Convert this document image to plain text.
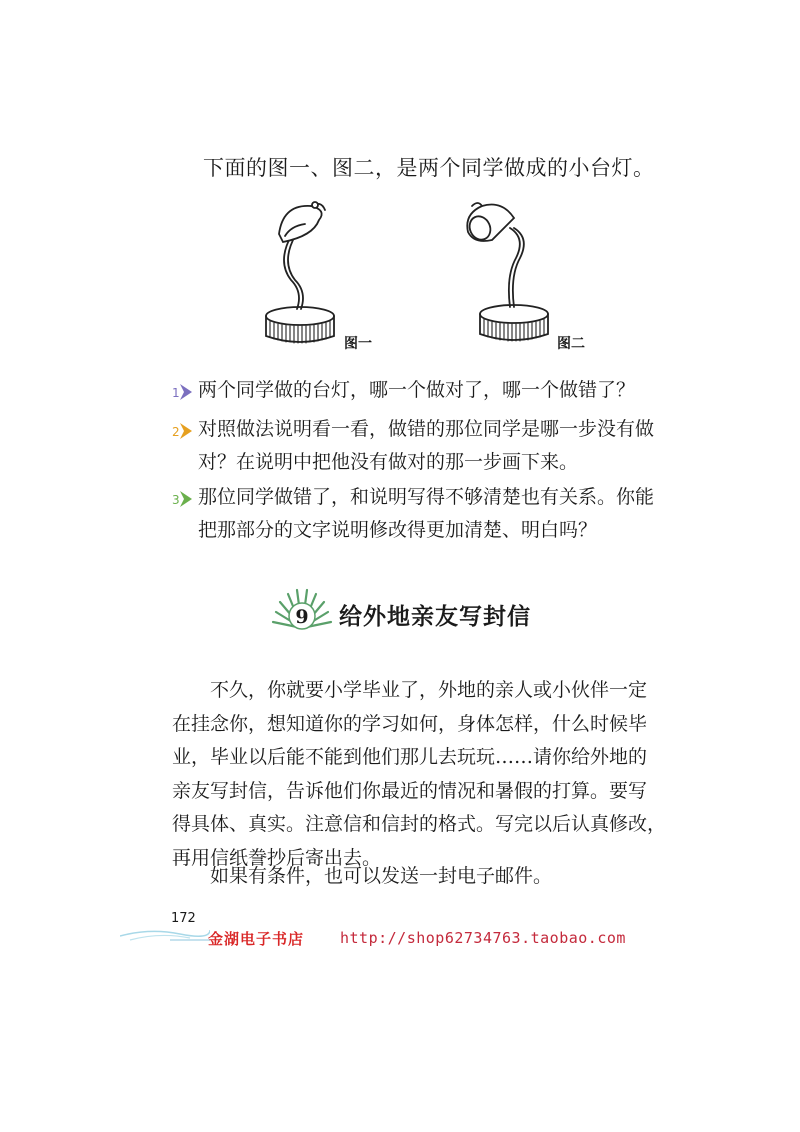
下面的图一、图二，是两个同学做成的小台灯。
图一	图二
1 两个同学做的台灯，哪一个做对了，哪一个做错了？
2 对照做法说明看一看，做错的那位同学是哪一步没有做
对？在说明中把他没有做对的那一步画下来。
3 那位同学做错了，和说明写得不够清楚也有关系。你能
把那部分的文字说明修改得更加清楚、明白吗？
9 给外地亲友写封信
　　不久，你就要小学毕业了，外地的亲人或小伙伴一定
在挂念你，想知道你的学习如何，身体怎样，什么时候毕
业，毕业以后能不能到他们那儿去玩玩……请你给外地的
亲友写封信，告诉他们你最近的情况和暑假的打算。要写
得具体、真实。注意信和信封的格式。写完以后认真修改，
再用信纸誊抄后寄出去。
　　如果有条件，也可以发送一封电子邮件。
172
金湖电子书店 http://shop62734763.taobao.com
